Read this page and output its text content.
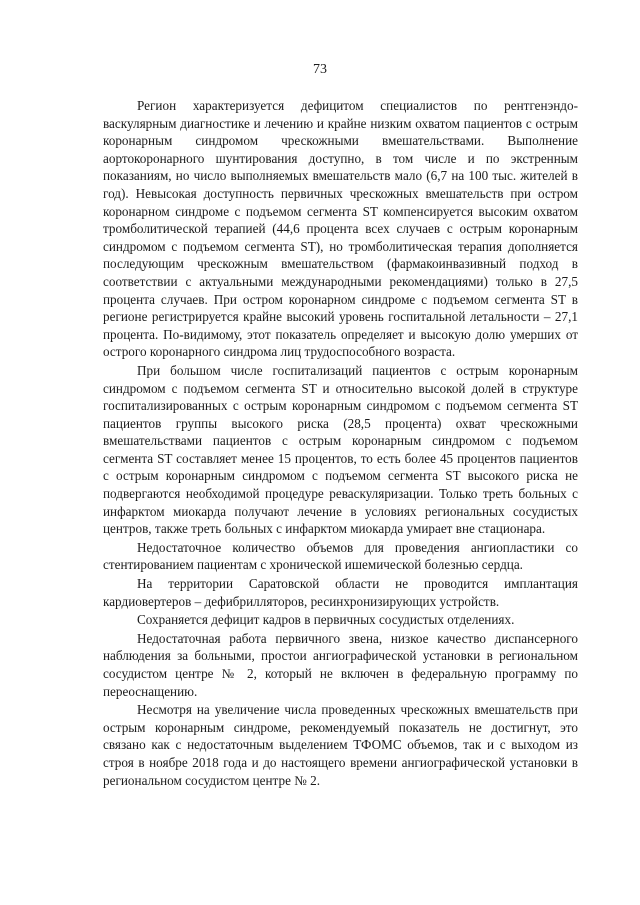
73

Регион характеризуется дефицитом специалистов по рентгенэндо-васкулярным диагностике и лечению и крайне низким охватом пациентов с острым коронарным синдромом чрескожными вмешательствами. Выполнение аортокоронарного шунтирования доступно, в том числе и по экстренным показаниям, но число выполняемых вмешательств мало (6,7 на 100 тыс. жителей в год). Невысокая доступность первичных чрескожных вмешательств при остром коронарном синдроме с подъемом сегмента ST компенсируется высоким охватом тромболитической терапией (44,6 процента всех случаев с острым коронарным синдромом с подъемом сегмента ST), но тромболитическая терапия дополняется последующим чрескожным вмешательством (фармакоинвазивный подход в соответствии с актуальными международными рекомендациями) только в 27,5 процента случаев. При остром коронарном синдроме с подъемом сегмента ST в регионе регистрируется крайне высокий уровень госпитальной летальности – 27,1 процента. По-видимому, этот показатель определяет и высокую долю умерших от острого коронарного синдрома лиц трудоспособного возраста.

При большом числе госпитализаций пациентов с острым коронарным синдромом с подъемом сегмента ST и относительно высокой долей в структуре госпитализированных с острым коронарным синдромом с подъемом сегмента ST пациентов группы высокого риска (28,5 процента) охват чрескожными вмешательствами пациентов с острым коронарным синдромом с подъемом сегмента ST составляет менее 15 процентов, то есть более 45 процентов пациентов с острым коронарным синдромом с подъемом сегмента ST высокого риска не подвергаются необходимой процедуре реваскуляризации. Только треть больных с инфарктом миокарда получают лечение в условиях региональных сосудистых центров, также треть больных с инфарктом миокарда умирает вне стационара.

Недостаточное количество объемов для проведения ангиопластики со стентированием пациентам с хронической ишемической болезнью сердца.

На территории Саратовской области не проводится имплантация кардиовертеров – дефибрилляторов, ресинхронизирующих устройств.

Сохраняется дефицит кадров в первичных сосудистых отделениях.

Недостаточная работа первичного звена, низкое качество диспансерного наблюдения за больными, простои ангиографической установки в региональном сосудистом центре № 2, который не включен в федеральную программу по переоснащению.

Несмотря на увеличение числа проведенных чрескожных вмешательств при острым коронарным синдроме, рекомендуемый показатель не достигнут, это связано как с недостаточным выделением ТФОМС объемов, так и с выходом из строя в ноябре 2018 года и до настоящего времени ангиографической установки в региональном сосудистом центре № 2.
